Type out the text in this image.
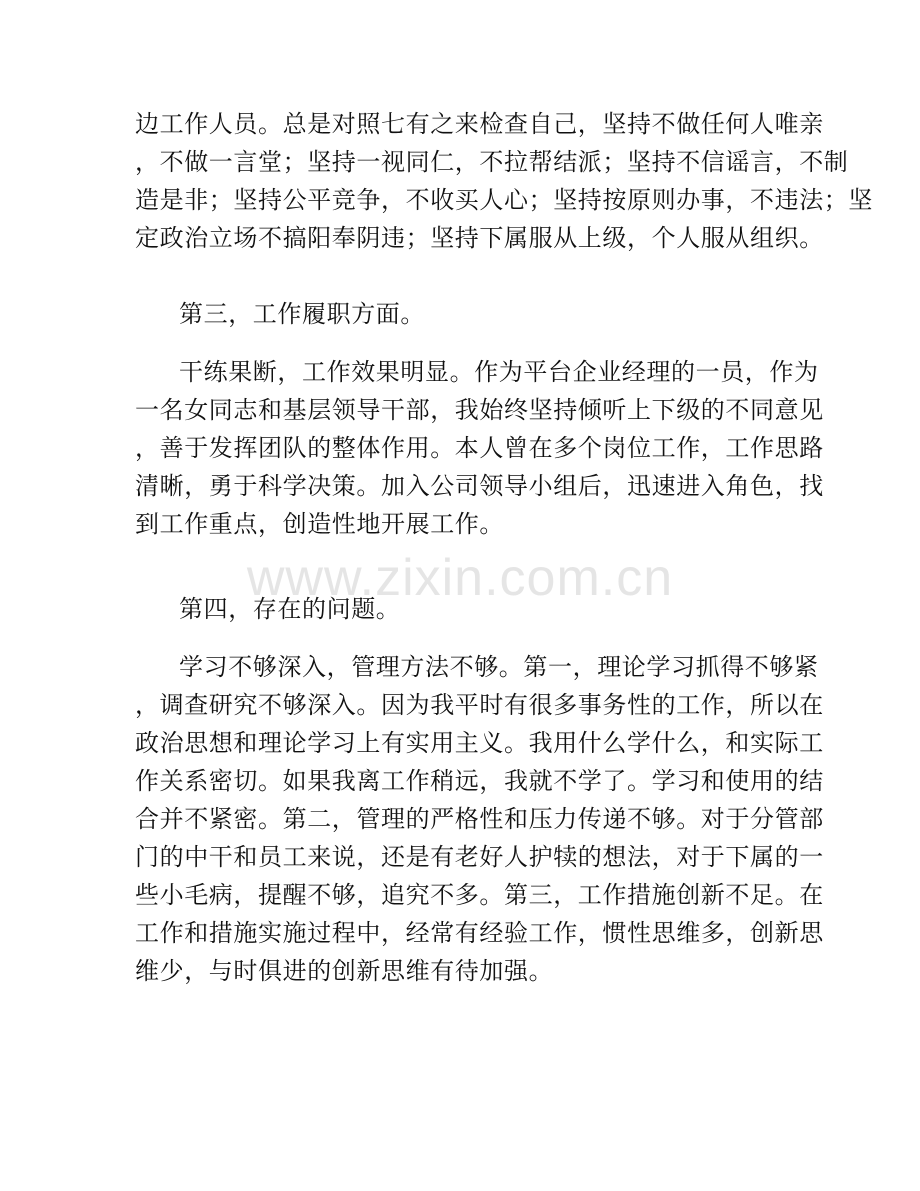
边工作人员。总是对照七有之来检查自己，坚持不做任何人唯亲
，不做一言堂；坚持一视同仁，不拉帮结派；坚持不信谣言，不制
造是非；坚持公平竞争，不收买人心；坚持按原则办事，不违法；坚
定政治立场不搞阳奉阴违；坚持下属服从上级，个人服从组织。
第三，工作履职方面。
干练果断，工作效果明显。作为平台企业经理的一员，作为
一名女同志和基层领导干部，我始终坚持倾听上下级的不同意见
，善于发挥团队的整体作用。本人曾在多个岗位工作，工作思路
清晰，勇于科学决策。加入公司领导小组后，迅速进入角色，找
到工作重点，创造性地开展工作。
www.zixin.com.cn
第四，存在的问题。
学习不够深入，管理方法不够。第一，理论学习抓得不够紧
，调查研究不够深入。因为我平时有很多事务性的工作，所以在
政治思想和理论学习上有实用主义。我用什么学什么，和实际工
作关系密切。如果我离工作稍远，我就不学了。学习和使用的结
合并不紧密。第二，管理的严格性和压力传递不够。对于分管部
门的中干和员工来说，还是有老好人护犊的想法，对于下属的一
些小毛病，提醒不够，追究不多。第三，工作措施创新不足。在
工作和措施实施过程中，经常有经验工作，惯性思维多，创新思
维少，与时俱进的创新思维有待加强。
